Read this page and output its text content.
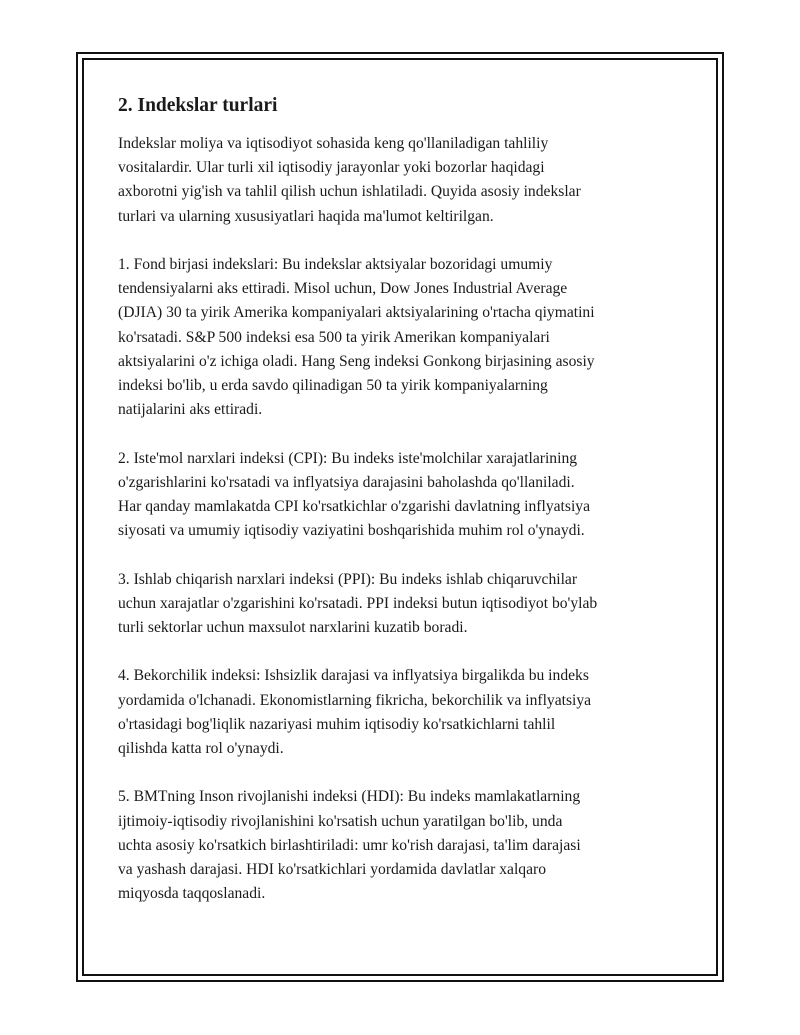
2. Indekslar turlari

Indekslar moliya va iqtisodiyot sohasida keng qo'llaniladigan tahliliy
vositalardir. Ular turli xil iqtisodiy jarayonlar yoki bozorlar haqidagi
axborotni yig'ish va tahlil qilish uchun ishlatiladi. Quyida asosiy indekslar
turlari va ularning xususiyatlari haqida ma'lumot keltirilgan.

1. Fond birjasi indekslari: Bu indekslar aktsiyalar bozoridagi umumiy
tendensiyalarni aks ettiradi. Misol uchun, Dow Jones Industrial Average
(DJIA) 30 ta yirik Amerika kompaniyalari aktsiyalarining o'rtacha qiymatini
ko'rsatadi. S&P 500 indeksi esa 500 ta yirik Amerikan kompaniyalari
aktsiyalarini o'z ichiga oladi. Hang Seng indeksi Gonkong birjasining asosiy
indeksi bo'lib, u erda savdo qilinadigan 50 ta yirik kompaniyalarning
natijalarini aks ettiradi.

2. Iste'mol narxlari indeksi (CPI): Bu indeks iste'molchilar xarajatlarining
o'zgarishlarini ko'rsatadi va inflyatsiya darajasini baholashda qo'llaniladi.
Har qanday mamlakatda CPI ko'rsatkichlar o'zgarishi davlatning inflyatsiya
siyosati va umumiy iqtisodiy vaziyatini boshqarishida muhim rol o'ynaydi.

3. Ishlab chiqarish narxlari indeksi (PPI): Bu indeks ishlab chiqaruvchilar
uchun xarajatlar o'zgarishini ko'rsatadi. PPI indeksi butun iqtisodiyot bo'ylab
turli sektorlar uchun maxsulot narxlarini kuzatib boradi.

4. Bekorchilik indeksi: Ishsizlik darajasi va inflyatsiya birgalikda bu indeks
yordamida o'lchanadi. Ekonomistlarning fikricha, bekorchilik va inflyatsiya
o'rtasidagi bog'liqlik nazariyasi muhim iqtisodiy ko'rsatkichlarni tahlil
qilishda katta rol o'ynaydi.

5. BMTning Inson rivojlanishi indeksi (HDI): Bu indeks mamlakatlarning
ijtimoiy-iqtisodiy rivojlanishini ko'rsatish uchun yaratilgan bo'lib, unda
uchta asosiy ko'rsatkich birlashtiriladi: umr ko'rish darajasi, ta'lim darajasi
va yashash darajasi. HDI ko'rsatkichlari yordamida davlatlar xalqaro
miqyosda taqqoslanadi.
